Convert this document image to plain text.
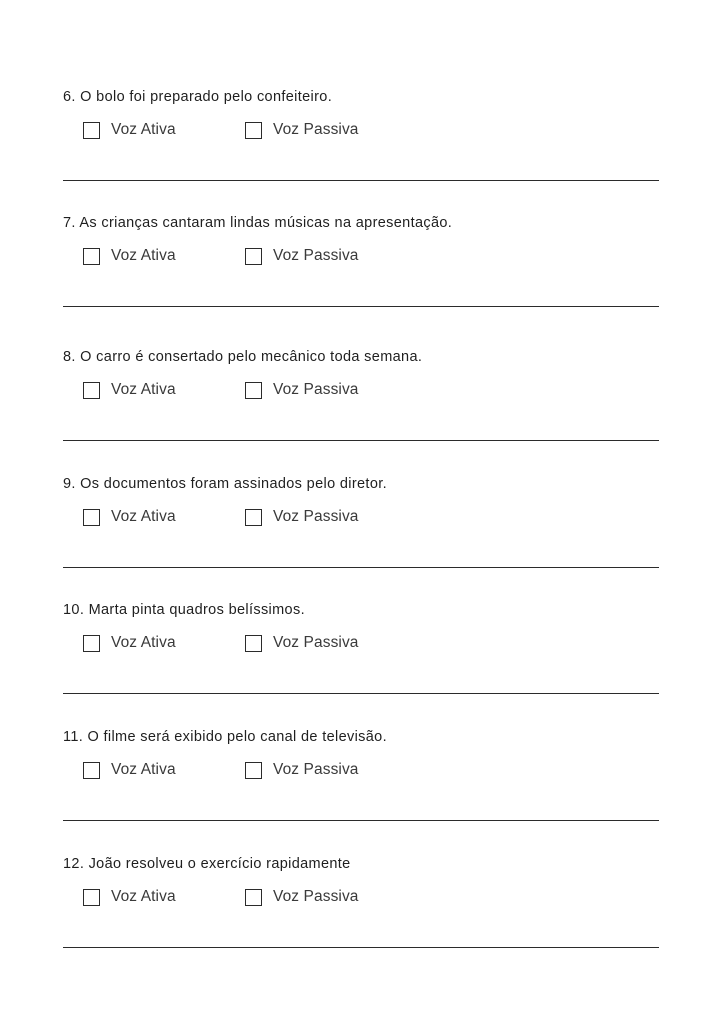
6. O bolo foi preparado pelo confeiteiro.
Voz Ativa	Voz Passiva
7. As crianças cantaram lindas músicas na apresentação.
Voz Ativa	Voz Passiva
8. O carro é consertado pelo mecânico toda semana.
Voz Ativa	Voz Passiva
9. Os documentos foram assinados pelo diretor.
Voz Ativa	Voz Passiva
10. Marta pinta quadros belíssimos.
Voz Ativa	Voz Passiva
11. O filme será exibido pelo canal de televisão.
Voz Ativa	Voz Passiva
12. João resolveu o exercício rapidamente
Voz Ativa	Voz Passiva
